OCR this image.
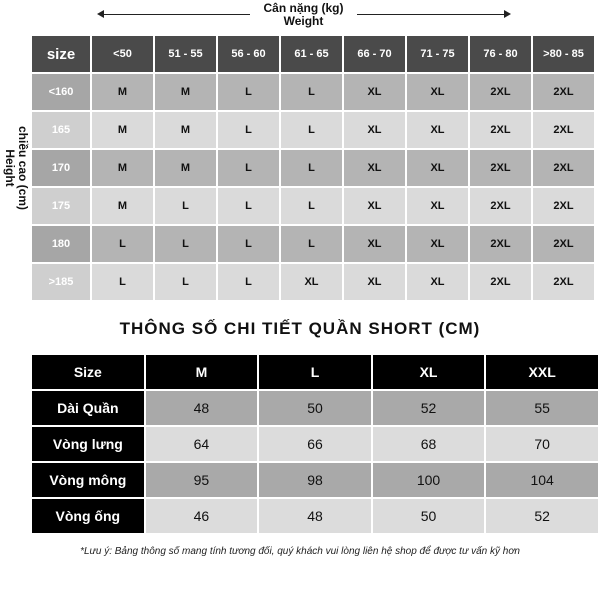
Cân nặng (kg)
Weight
chiều cao (cm)
Height
size	<50	51 - 55	56 - 60	61 - 65	66 - 70	71 - 75	76 - 80	>80 - 85
<160	M	M	L	L	XL	XL	2XL	2XL
165	M	M	L	L	XL	XL	2XL	2XL
170	M	M	L	L	XL	XL	2XL	2XL
175	M	L	L	L	XL	XL	2XL	2XL
180	L	L	L	L	XL	XL	2XL	2XL
>185	L	L	L	XL	XL	XL	2XL	2XL
THÔNG SỐ CHI TIẾT QUẦN SHORT (CM)
Size	M	L	XL	XXL
Dài Quần	48	50	52	55
Vòng lưng	64	66	68	70
Vòng mông	95	98	100	104
Vòng ống	46	48	50	52
*Lưu ý: Bảng thông số mang tính tương đối, quý khách vui lòng liên hệ shop để được tư vấn kỹ hơn
